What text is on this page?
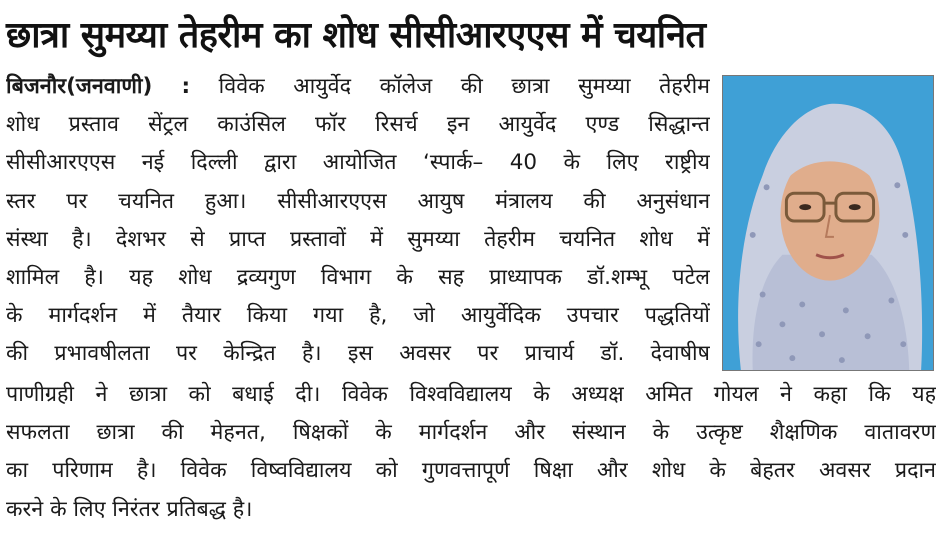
छात्रा सुमय्या तेहरीम का शोध सीसीआरएएस में चयनित
बिजनौर(जनवाणी) : विवेक आयुर्वेद कॉलेज की छात्रा सुमय्या तेहरीम
शोध प्रस्ताव सेंट्रल काउंसिल फॉर रिसर्च इन आयुर्वेद एण्ड सिद्धान्त
सीसीआरएएस नई दिल्ली द्वारा आयोजित ‘स्पार्क– 40 के लिए राष्ट्रीय
स्तर पर चयनित हुआ। सीसीआरएएस आयुष मंत्रालय की अनुसंधान
संस्था है। देशभर से प्राप्त प्रस्तावों में सुमय्या तेहरीम चयनित शोध में
शामिल है। यह शोध द्रव्यगुण विभाग के सह प्राध्यापक डॉ.शम्भू पटेल
के मार्गदर्शन में तैयार किया गया है, जो आयुर्वेदिक उपचार पद्धतियों
की प्रभावषीलता पर केन्द्रित है। इस अवसर पर प्राचार्य डॉ. देवाषीष
पाणीग्रही ने छात्रा को बधाई दी। विवेक विश्वविद्यालय के अध्यक्ष अमित गोयल ने कहा कि यह
सफलता छात्रा की मेहनत, षिक्षकों के मार्गदर्शन और संस्थान के उत्कृष्ट शैक्षणिक वातावरण
का परिणाम है। विवेक विष्वविद्यालय को गुणवत्तापूर्ण षिक्षा और शोध के बेहतर अवसर प्रदान
करने के लिए निरंतर प्रतिबद्ध है।
